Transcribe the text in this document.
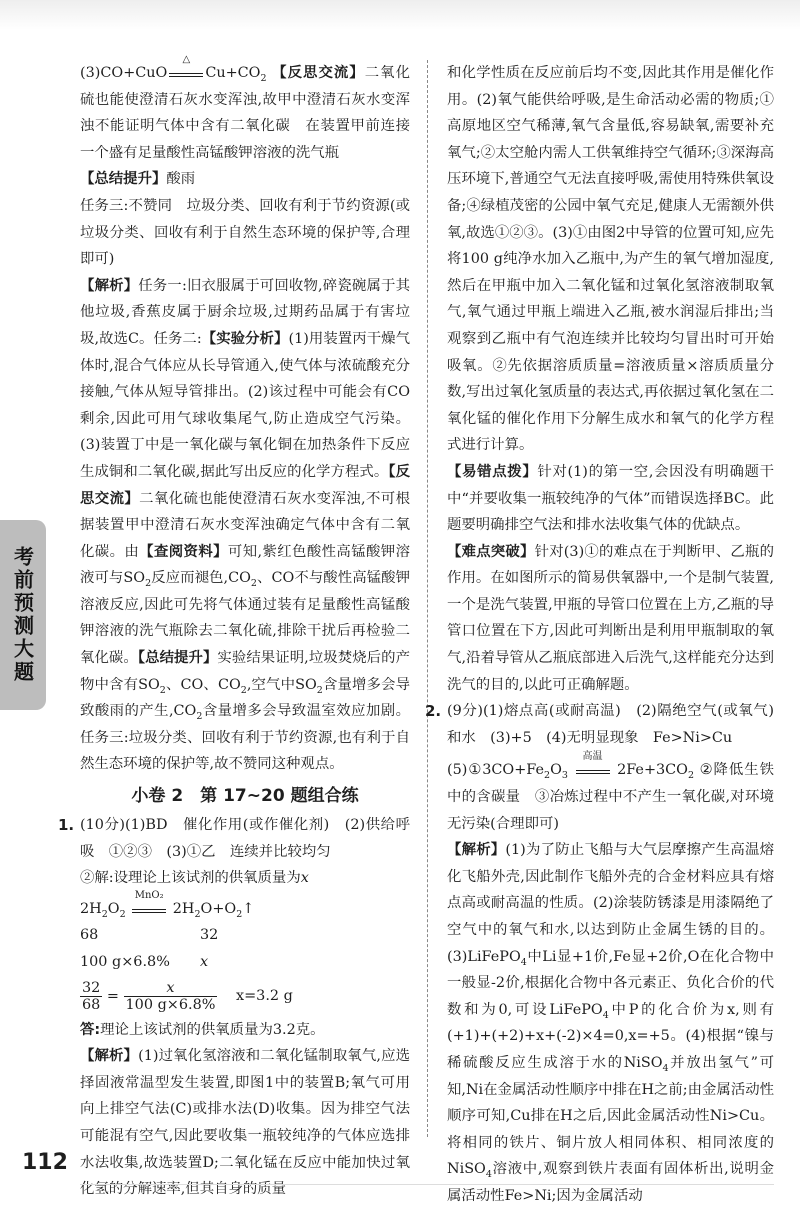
(3)CO+CuO
△
$Cu+CO_2$ 【反思交流】二氧化硫也能使澄清石灰水变浑浊,故甲中澄清石灰水变浑浊不能证明气体中含有二氧化碳　在装置甲前连接一个盛有足量酸性高锰酸钾溶液的洗气瓶

【总结提升】酸雨

任务三:不赞同　垃圾分类、回收有利于节约资源(或垃圾分类、回收有利于自然生态环境的保护等,合理即可)

【解析】任务一:旧衣服属于可回收物,碎瓷碗属于其他垃圾,香蕉皮属于厨余垃圾,过期药品属于有害垃圾,故选C。任务二:【实验分析】(1)用装置丙干燥气体时,混合气体应从长导管通入,使气体与浓硫酸充分接触,气体从短导管排出。(2)该过程中可能会有CO剩余,因此可用气球收集尾气,防止造成空气污染。(3)装置丁中是一氧化碳与氧化铜在加热条件下反应生成铜和二氧化碳,据此写出反应的化学方程式。【反思交流】二氧化硫也能使澄清石灰水变浑浊,不可根据装置甲中澄清石灰水变浑浊确定气体中含有二氧化碳。由【查阅资料】可知,紫红色酸性高锰酸钾溶液可与$SO_2$反应而褪色$,CO_2$、CO不与酸性高锰酸钾溶液反应,因此可先将气体通过装有足量酸性高锰酸钾溶液的洗气瓶除去二氧化硫,排除干扰后再检验二氧化碳。【总结提升】实验结果证明,垃圾焚烧后的产物中含有$SO_2$、CO、$CO_2$,空气中$SO_2$含量增多会导致酸雨的产生$,CO_2$含量增多会导致温室效应加剧。任务三:垃圾分类、回收有利于节约资源,也有利于自然生态环境的保护等,故不赞同这种观点。

小卷 2　第 17~20 题组合练
1. (10分)(1)BD　催化作用(或作催化剂)　(2)供给呼吸　①②③　(3)①乙　连续并比较均匀

②解:设理论上该试剂的供氧质量为x

$2H_2O_2$
MnO₂
$2H_2O+O_2↑$

68	32

100 g×6.8% x

$\frac{32}{68} = \frac{x}{100 g\times 6.8\%} x=3.2$ g

答:理论上该试剂的供氧质量为3.2克。

【解析】(1)过氧化氢溶液和二氧化锰制取氧气,应选择固液常温型发生装置,即图1中的装置B;氧气可用向上排空气法(C)或排水法(D)收集。因为排空气法可能混有空气,因此要收集一瓶较纯净的气体应选排水法收集,故选装置D;二氧化锰在反应中能加快过氧化氢的分解速率,但其自身的质量

和化学性质在反应前后均不变,因此其作用是催化作用。(2)氧气能供给呼吸,是生命活动必需的物质;①高原地区空气稀薄,氧气含量低,容易缺氧,需要补充氧气;②太空舱内需人工供氧维持空气循环;③深海高压环境下,普通空气无法直接呼吸,需使用特殊供氧设备;④绿植茂密的公园中氧气充足,健康人无需额外供氧,故选①②③。(3)①由图2中导管的位置可知,应先将100 g纯净水加入乙瓶中,为产生的氧气增加湿度,然后在甲瓶中加入二氧化锰和过氧化氢溶液制取氧气,氧气通过甲瓶上端进入乙瓶,被水润湿后排出;当观察到乙瓶中有气泡连续并比较均匀冒出时可开始吸氧。②先依据溶质质量=溶液质量×溶质质量分数,写出过氧化氢质量的表达式,再依据过氧化氢在二氧化锰的催化作用下分解生成水和氧气的化学方程式进行计算。

【易错点拨】针对(1)的第一空,会因没有明确题干中“并要收集一瓶较纯净的气体”而错误选择BC。此题要明确排空气法和排水法收集气体的优缺点。

【难点突破】针对(3)①的难点在于判断甲、乙瓶的作用。在如图所示的简易供氧器中,一个是制气装置,一个是洗气装置,甲瓶的导管口位置在上方,乙瓶的导管口位置在下方,因此可判断出是利用甲瓶制取的氧气,沿着导管从乙瓶底部进入后洗气,这样能充分达到洗气的目的,以此可正确解题。

2. (9分)(1)熔点高(或耐高温)　(2)隔绝空气(或氧气)和水　(3)+5　(4)无明显现象　Fe>Ni>Cu

$(5)①3CO+Fe_2O_3$
高温
$2Fe+3CO_2$ ②降低生铁中的含碳量　③冶炼过程中不产生一氧化碳,对环境无污染(合理即可)

【解析】(1)为了防止飞船与大气层摩擦产生高温熔化飞船外壳,因此制作飞船外壳的合金材料应具有熔点高或耐高温的性质。(2)涂装防锈漆是用漆隔绝了空气中的氧气和水,以达到防止金属生锈的目的。(3)LiFePO$_4$中Li显+1价,Fe显+2价,O在化合物中一般显-2价,根据化合物中各元素正、负化合价的代数和为0,可设LiFePO$_4$中P的化合价为x,则有(+1)+(+2)+x+(-2)×4=0,x=+5。(4)根据“镍与稀硫酸反应生成溶于水的NiSO$_4$并放出氢气”可知,Ni在金属活动性顺序中排在H之前;由金属活动性顺序可知,Cu排在H之后,因此金属活动性Ni>Cu。将相同的铁片、铜片放人相同体积、相同浓度的NiSO$_4$溶液中,观察到铁片表面有固体析出,说明金属活动性Fe>Ni;因为金属活动

考前预测大题
112
